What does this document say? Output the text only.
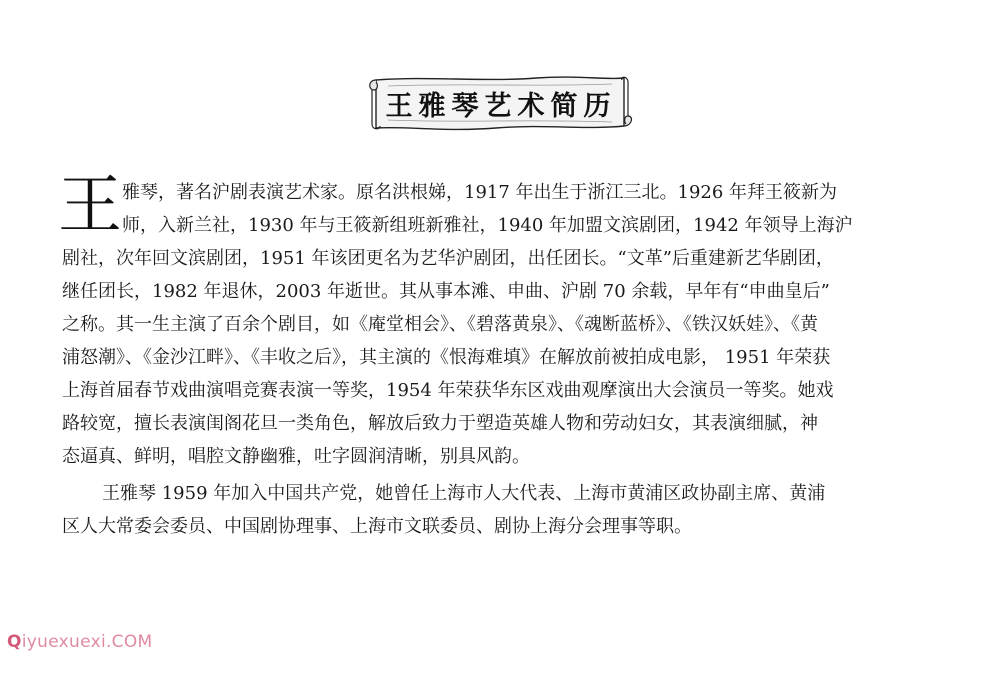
王雅琴艺术简历
王 雅琴，著名沪剧表演艺术家。原名洪根娣，1917 年出生于浙江三北。1926 年拜王筱新为
师，入新兰社，1930 年与王筱新组班新雅社，1940 年加盟文滨剧团，1942 年领导上海沪
剧社，次年回文滨剧团，1951 年该团更名为艺华沪剧团，出任团长。“文革”后重建新艺华剧团，
继任团长，1982 年退休，2003 年逝世。其从事本滩、申曲、沪剧 70 余载，早年有“申曲皇后”
之称。其一生主演了百余个剧目，如《庵堂相会》、《碧落黄泉》、《魂断蓝桥》、《铁汉妖娃》、《黄
浦怒潮》、《金沙江畔》、《丰收之后》，其主演的《恨海难填》在解放前被拍成电影， 1951 年荣获
上海首届春节戏曲演唱竞赛表演一等奖，1954 年荣获华东区戏曲观摩演出大会演员一等奖。她戏
路较宽，擅长表演闺阁花旦一类角色，解放后致力于塑造英雄人物和劳动妇女，其表演细腻，神
态逼真、鲜明，唱腔文静幽雅，吐字圆润清晰，别具风韵。
王雅琴 1959 年加入中国共产党，她曾任上海市人大代表、上海市黄浦区政协副主席、黄浦
区人大常委会委员、中国剧协理事、上海市文联委员、剧协上海分会理事等职。
Qiyuexuexi.COM
